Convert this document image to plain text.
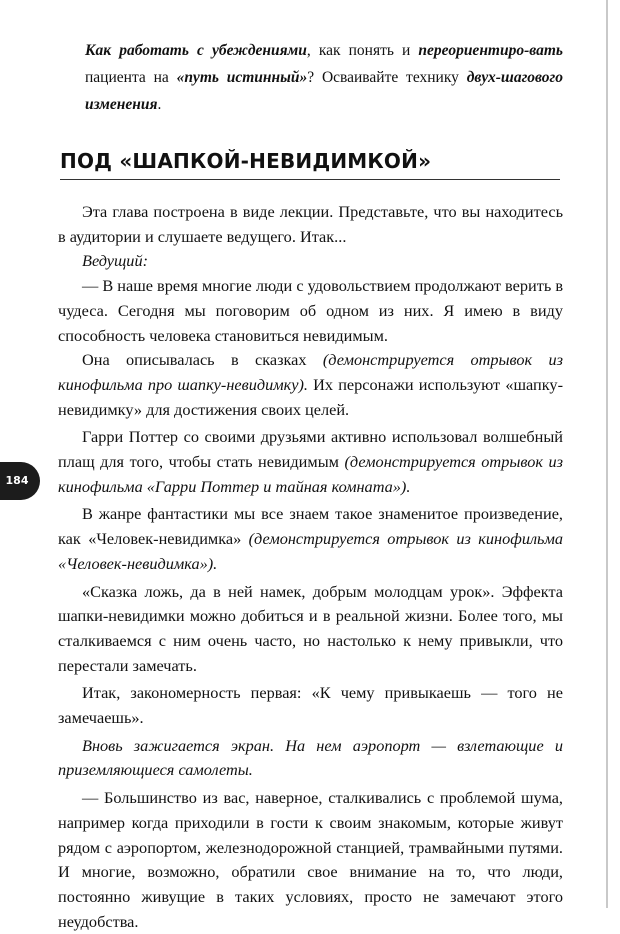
Как работать с убеждениями, как понять и переориентиро-вать пациента на «путь истинный»? Осваивайте технику двух-шагового изменения.
ПОД «ШАПКОЙ-НЕВИДИМКОЙ»

Эта глава построена в виде лекции. Представьте, что вы находитесь в аудитории и слушаете ведущего. Итак...

Ведущий:

— В наше время многие люди с удовольствием продолжают верить в чудеса. Сегодня мы поговорим об одном из них. Я имею в виду способность человека становиться невидимым.

Она описывалась в сказках (демонстрируется отрывок из кинофильма про шапку-невидимку). Их персонажи используют «шапку-невидимку» для достижения своих целей.

Гарри Поттер со своими друзьями активно использовал волшебный плащ для того, чтобы стать невидимым (демонстрируется отрывок из кинофильма «Гарри Поттер и тайная комната»).

В жанре фантастики мы все знаем такое знаменитое произведение, как «Человек-невидимка» (демонстрируется отрывок из кинофильма «Человек-невидимка»).

«Сказка ложь, да в ней намек, добрым молодцам урок». Эффекта шапки-невидимки можно добиться и в реальной жизни. Более того, мы сталкиваемся с ним очень часто, но настолько к нему привыкли, что перестали замечать.

Итак, закономерность первая: «К чему привыкаешь — того не замечаешь».

Вновь зажигается экран. На нем аэропорт — взлетающие и приземляющиеся самолеты.

— Большинство из вас, наверное, сталкивались с проблемой шума, например когда приходили в гости к своим знакомым, которые живут рядом с аэропортом, железнодорожной станцией, трамвайными путями. И многие, возможно, обратили свое внимание на то, что люди, постоянно живущие в таких условиях, просто не замечают этого неудобства.

184
